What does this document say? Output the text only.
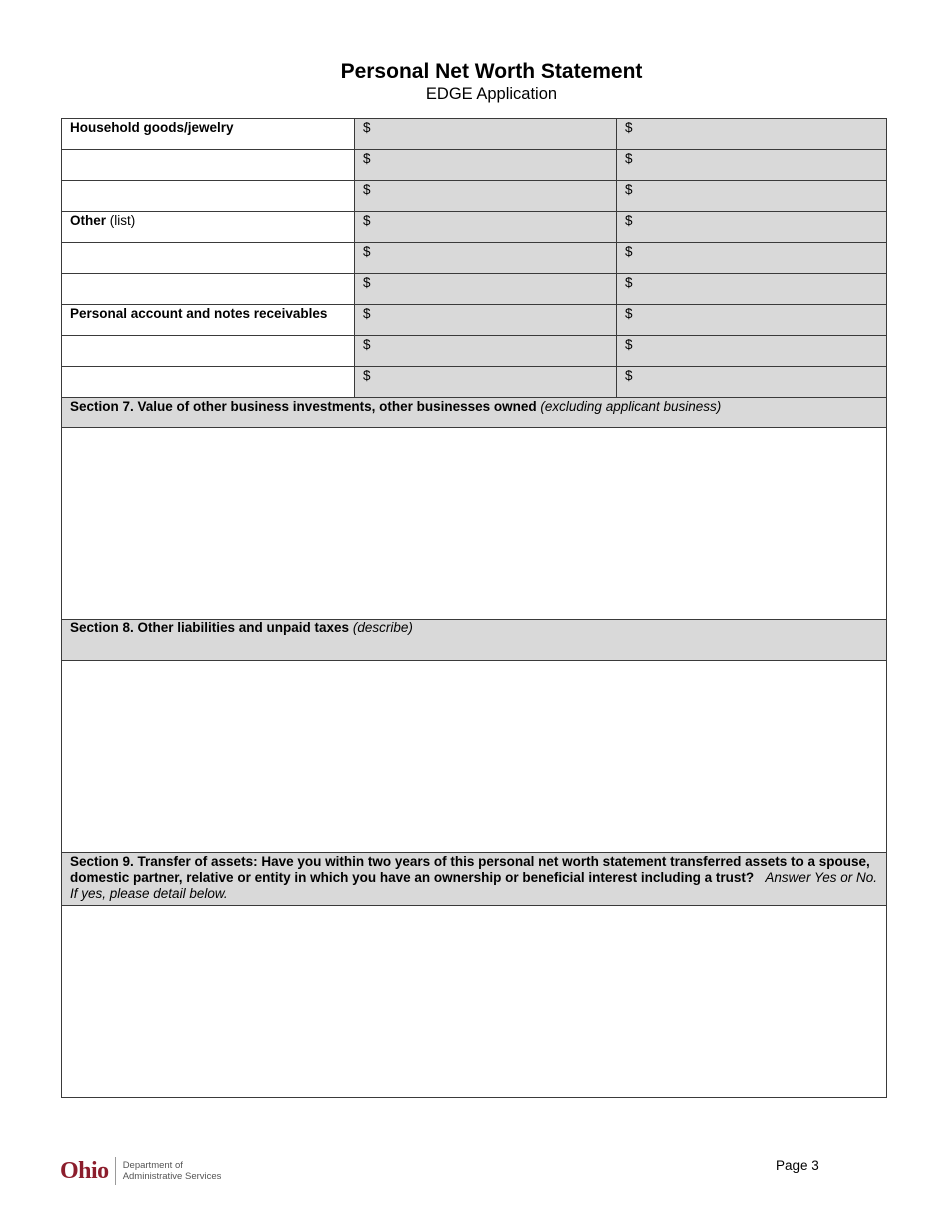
Personal Net Worth Statement
EDGE Application
Household goods/jewelry	$	$
	$	$
	$	$
Other (list)	$	$
	$	$
	$	$
Personal account and notes receivables	$	$
	$	$
	$	$
Section 7. Value of other business investments, other businesses owned (excluding applicant business)		

Section 8. Other liabilities and unpaid taxes (describe)		

Section 9. Transfer of assets: Have you within two years of this personal net worth statement transferred assets to a spouse, domestic partner, relative or entity in which you have an ownership or beneficial interest including a trust? Answer Yes or No. If yes, please detail below.		

Ohio Department of
Administrative Services
Page 3
